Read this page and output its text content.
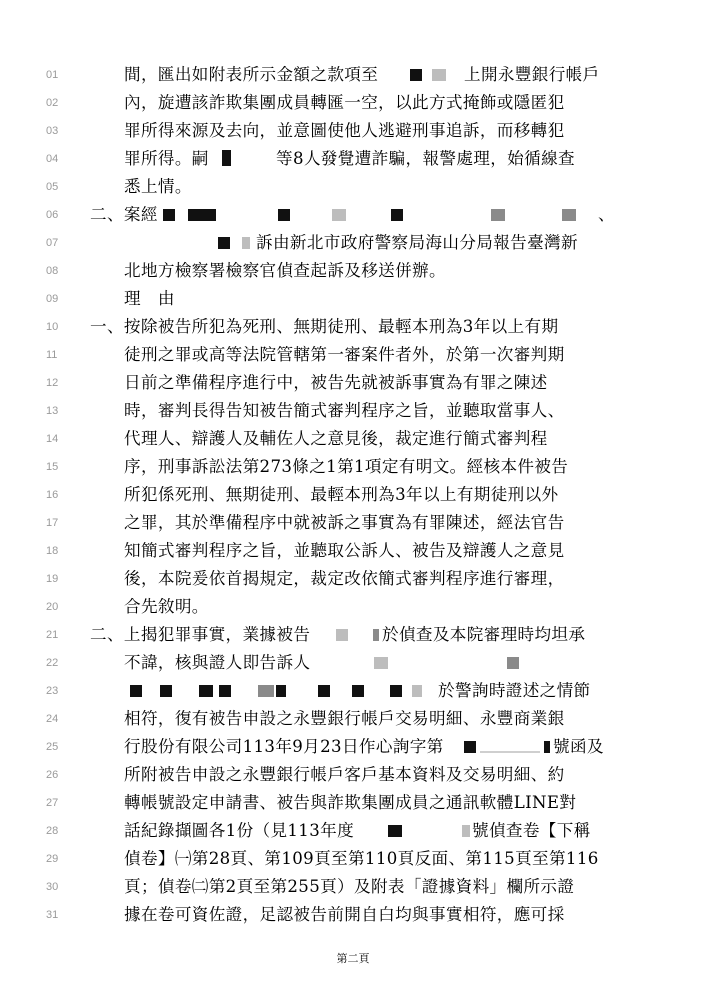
01	間，匯出如附表所示金額之款項至	上開永豐銀行帳戶
02	內，旋遭該詐欺集團成員轉匯一空，以此方式掩飾或隱匿犯
03	罪所得來源及去向，並意圖使他人逃避刑事追訴，而移轉犯
04	罪所得。嗣	等8人發覺遭詐騙，報警處理，始循線查
05	悉上情。
06	二、案經	、
07	訴由新北市政府警察局海山分局報告臺灣新
08	北地方檢察署檢察官偵查起訴及移送併辦。
09	理　由
10	一、按除被告所犯為死刑、無期徒刑、最輕本刑為3年以上有期
11	徒刑之罪或高等法院管轄第一審案件者外，於第一次審判期
12	日前之準備程序進行中，被告先就被訴事實為有罪之陳述
13	時，審判長得告知被告簡式審判程序之旨，並聽取當事人、
14	代理人、辯護人及輔佐人之意見後，裁定進行簡式審判程
15	序，刑事訴訟法第273條之1第1項定有明文。經核本件被告
16	所犯係死刑、無期徒刑、最輕本刑為3年以上有期徒刑以外
17	之罪，其於準備程序中就被訴之事實為有罪陳述，經法官告
18	知簡式審判程序之旨，並聽取公訴人、被告及辯護人之意見
19	後，本院爰依首揭規定，裁定改依簡式審判程序進行審理，
20	合先敘明。
21	二、上揭犯罪事實，業據被告	於偵查及本院審理時均坦承
22	不諱，核與證人即告訴人
23	於警詢時證述之情節
24	相符，復有被告申設之永豐銀行帳戶交易明細、永豐商業銀
25	行股份有限公司113年9月23日作心詢字第	號函及
26	所附被告申設之永豐銀行帳戶客戶基本資料及交易明細、約
27	轉帳號設定申請書、被告與詐欺集團成員之通訊軟體LINE對
28	話紀錄擷圖各1份（見113年度	號偵查卷【下稱
29	偵卷】㈠第28頁、第109頁至第110頁反面、第115頁至第116
30	頁；偵卷㈡第2頁至第255頁）及附表「證據資料」欄所示證
31	據在卷可資佐證，足認被告前開自白均與事實相符，應可採
第二頁
